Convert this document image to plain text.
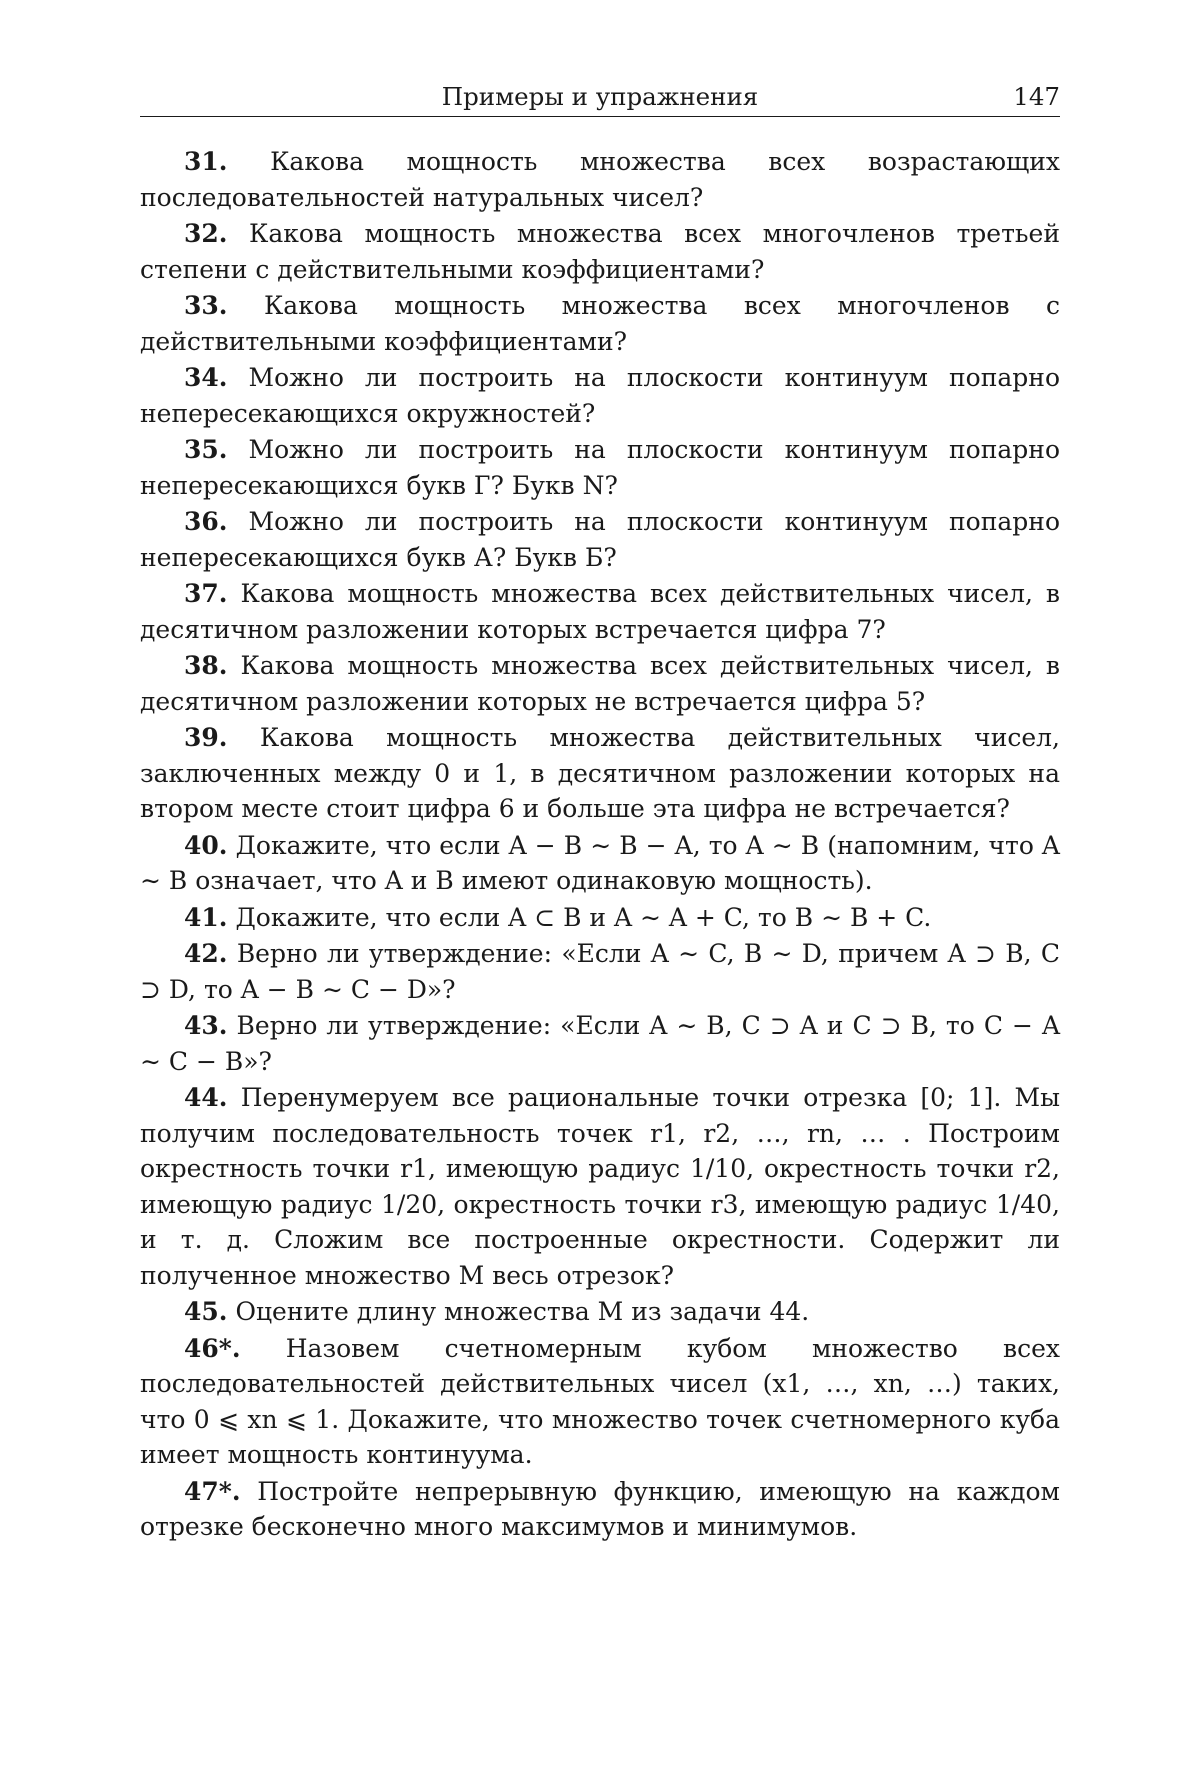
Примеры и упражнения	147

31. Какова мощность множества всех возрастающих последовательностей натуральных чисел?

32. Какова мощность множества всех многочленов третьей степени с действительными коэффициентами?

33. Какова мощность множества всех многочленов с действительными коэффициентами?

34. Можно ли построить на плоскости континуум попарно непересекающихся окружностей?

35. Можно ли построить на плоскости континуум попарно непересекающихся букв Г? Букв N?

36. Можно ли построить на плоскости континуум попарно непересекающихся букв А? Букв Б?

37. Какова мощность множества всех действительных чисел, в десятичном разложении которых встречается цифра 7?

38. Какова мощность множества всех действительных чисел, в десятичном разложении которых не встречается цифра 5?

39. Какова мощность множества действительных чисел, заключенных между 0 и 1, в десятичном разложении которых на втором месте стоит цифра 6 и больше эта цифра не встречается?

40. Докажите, что если A − B ∼ B − A, то A ∼ B (напомним, что A ∼ B означает, что A и B имеют одинаковую мощность).

41. Докажите, что если A ⊂ B и A ∼ A + C, то B ∼ B + C.

42. Верно ли утверждение: «Если A ∼ C, B ∼ D, причем A ⊃ B, C ⊃ D, то A − B ∼ C − D»?

43. Верно ли утверждение: «Если A ∼ B, C ⊃ A и C ⊃ B, то C − A ∼ C − B»?

44. Перенумеруем все рациональные точки отрезка [0; 1]. Мы получим последовательность точек r1, r2, …, rn, … . Построим окрестность точки r1, имеющую радиус 1/10, окрестность точки r2, имеющую радиус 1/20, окрестность точки r3, имеющую радиус 1/40, и т. д. Сложим все построенные окрестности. Содержит ли полученное множество M весь отрезок?

45. Оцените длину множества M из задачи 44.

46*. Назовем счетномерным кубом множество всех последовательностей действительных чисел (x1, …, xn, …) таких, что 0 ⩽ xn ⩽ 1. Докажите, что множество точек счетномерного куба имеет мощность континуума.

47*. Постройте непрерывную функцию, имеющую на каждом отрезке бесконечно много максимумов и минимумов.
